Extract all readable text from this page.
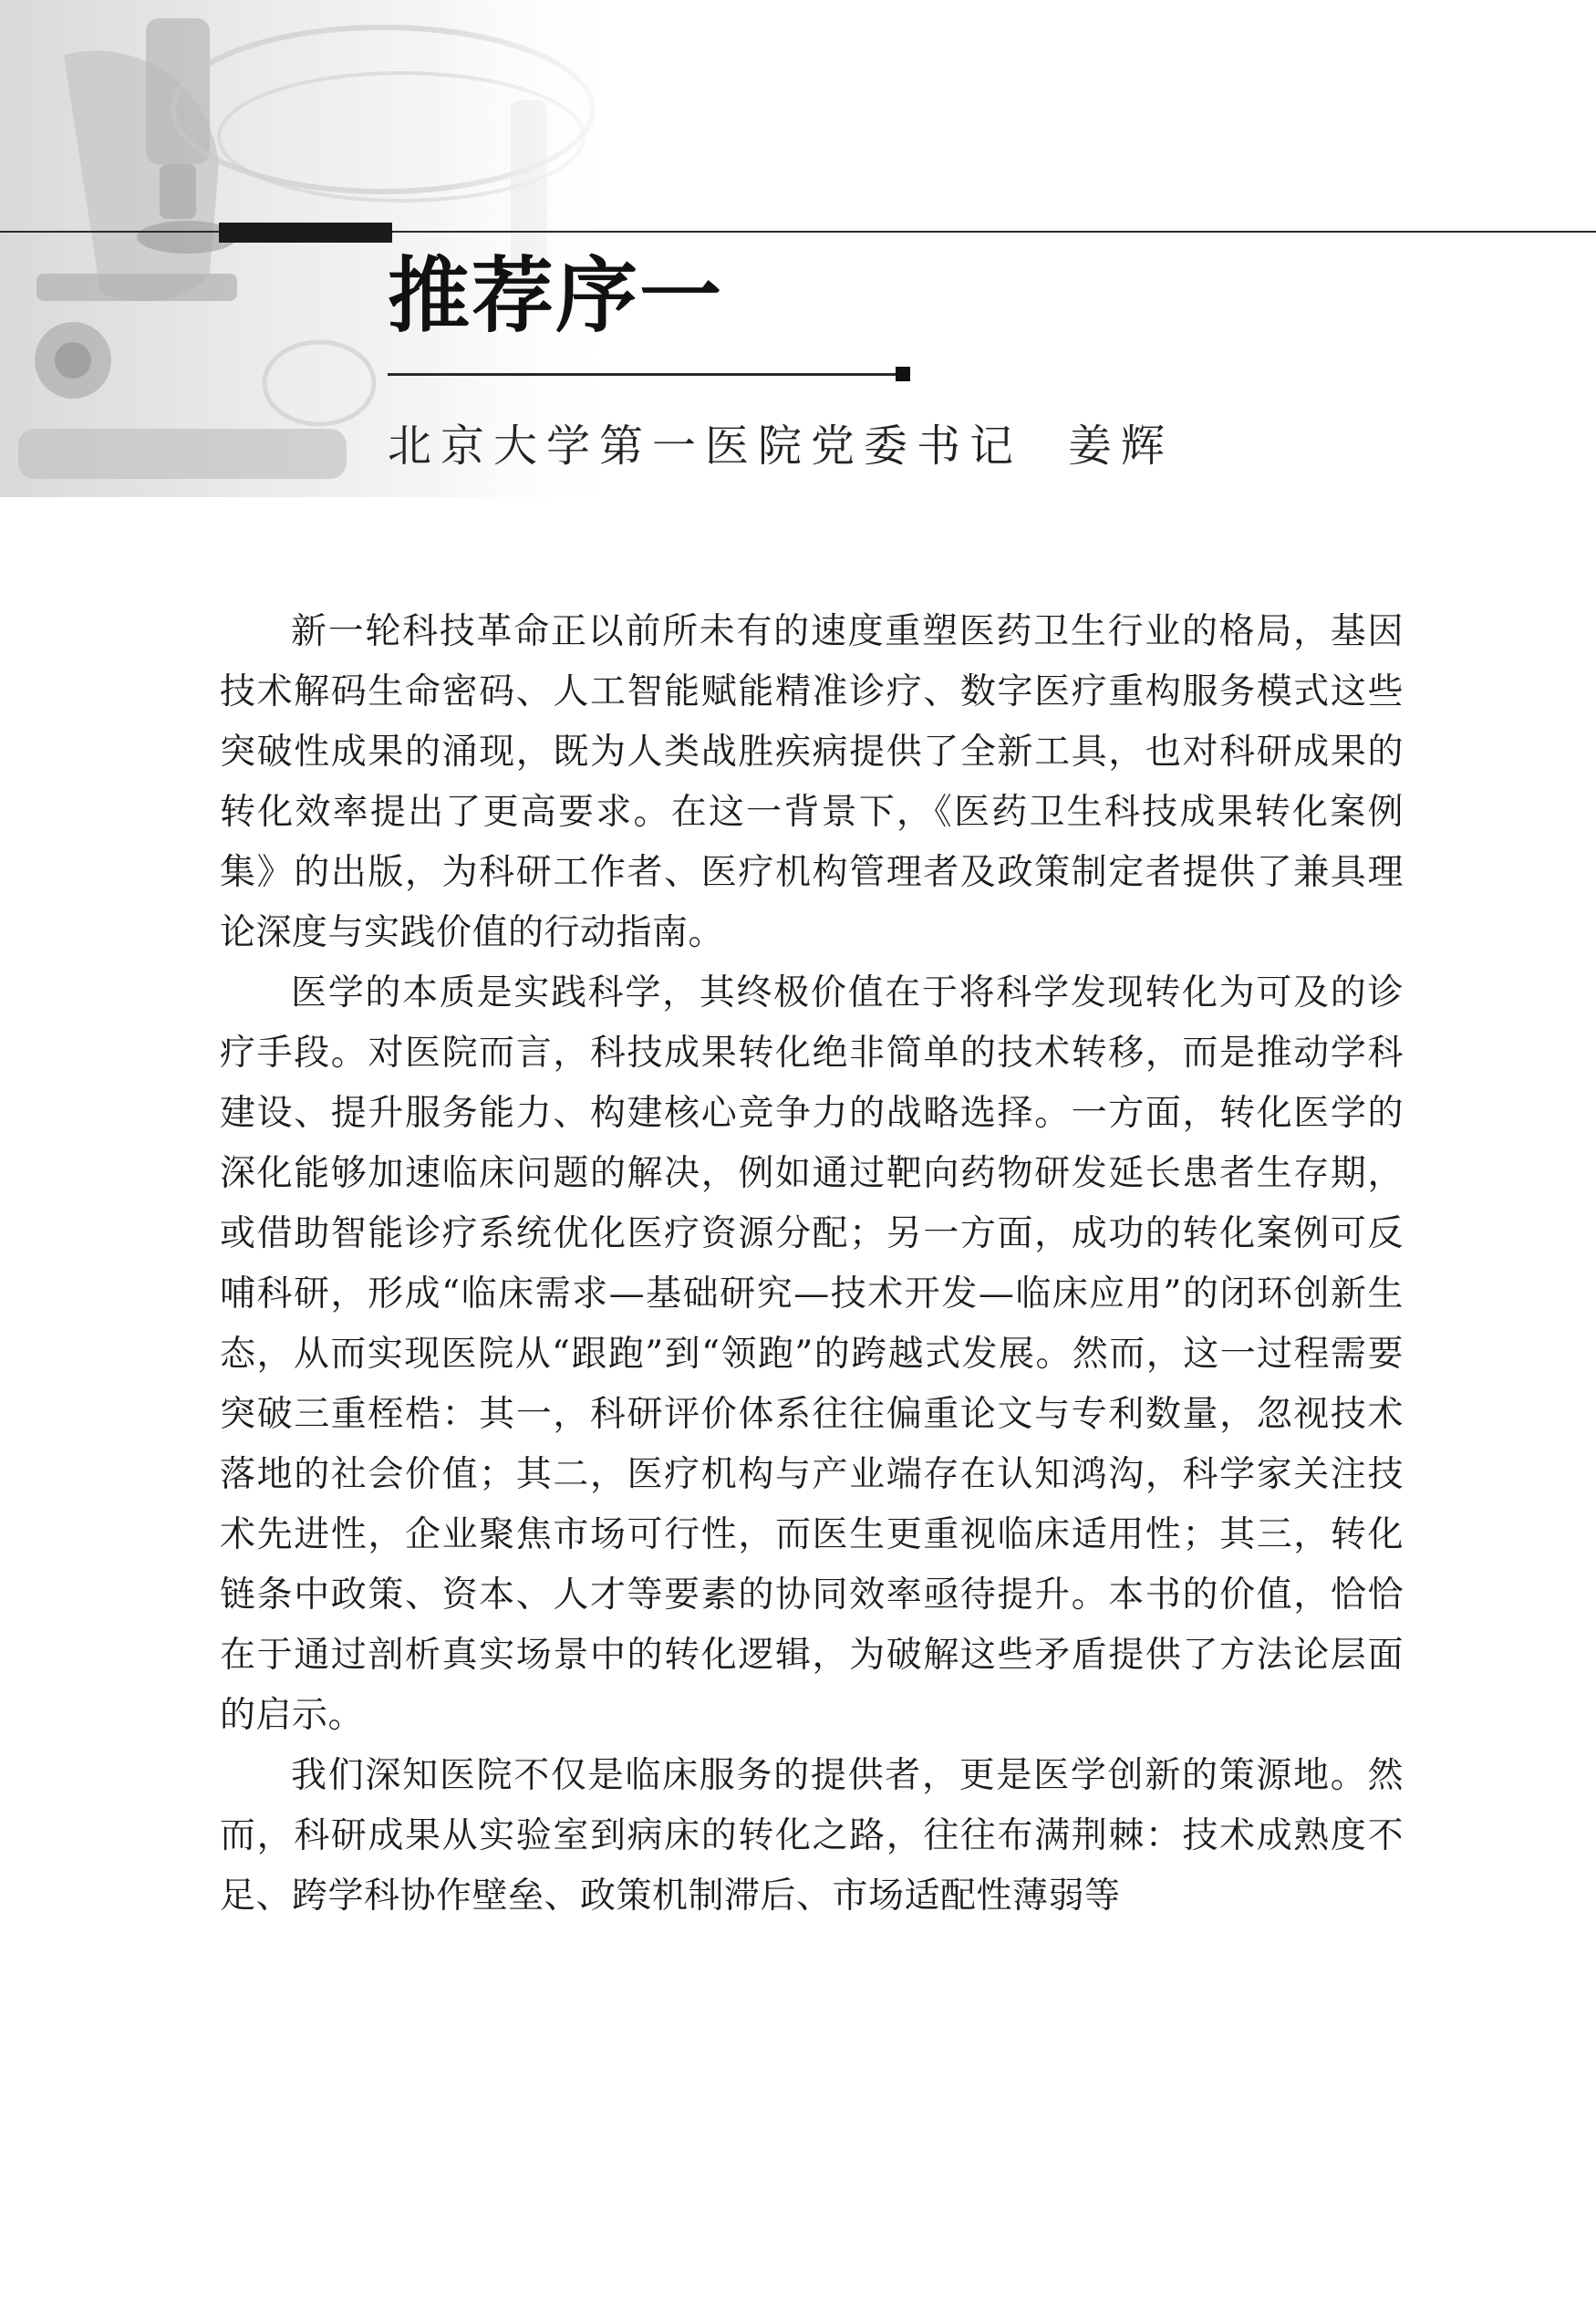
推荐序一
北京大学第一医院党委书记 姜辉

新一轮科技革命正以前所未有的速度重塑医药卫生行业的格局，基因技术解码生命密码、人工智能赋能精准诊疗、数字医疗重构服务模式这些突破性成果的涌现，既为人类战胜疾病提供了全新工具，也对科研成果的转化效率提出了更高要求。在这一背景下，《医药卫生科技成果转化案例集》的出版，为科研工作者、医疗机构管理者及政策制定者提供了兼具理论深度与实践价值的行动指南。

医学的本质是实践科学，其终极价值在于将科学发现转化为可及的诊疗手段。对医院而言，科技成果转化绝非简单的技术转移，而是推动学科建设、提升服务能力、构建核心竞争力的战略选择。一方面，转化医学的深化能够加速临床问题的解决，例如通过靶向药物研发延长患者生存期，或借助智能诊疗系统优化医疗资源分配；另一方面，成功的转化案例可反哺科研，形成“临床需求—基础研究—技术开发—临床应用”的闭环创新生态，从而实现医院从“跟跑”到“领跑”的跨越式发展。然而，这一过程需要突破三重桎梏：其一，科研评价体系往往偏重论文与专利数量，忽视技术落地的社会价值；其二，医疗机构与产业端存在认知鸿沟，科学家关注技术先进性，企业聚焦市场可行性，而医生更重视临床适用性；其三，转化链条中政策、资本、人才等要素的协同效率亟待提升。本书的价值，恰恰在于通过剖析真实场景中的转化逻辑，为破解这些矛盾提供了方法论层面的启示。

我们深知医院不仅是临床服务的提供者，更是医学创新的策源地。然而，科研成果从实验室到病床的转化之路，往往布满荆棘：技术成熟度不足、跨学科协作壁垒、政策机制滞后、市场适配性薄弱等
